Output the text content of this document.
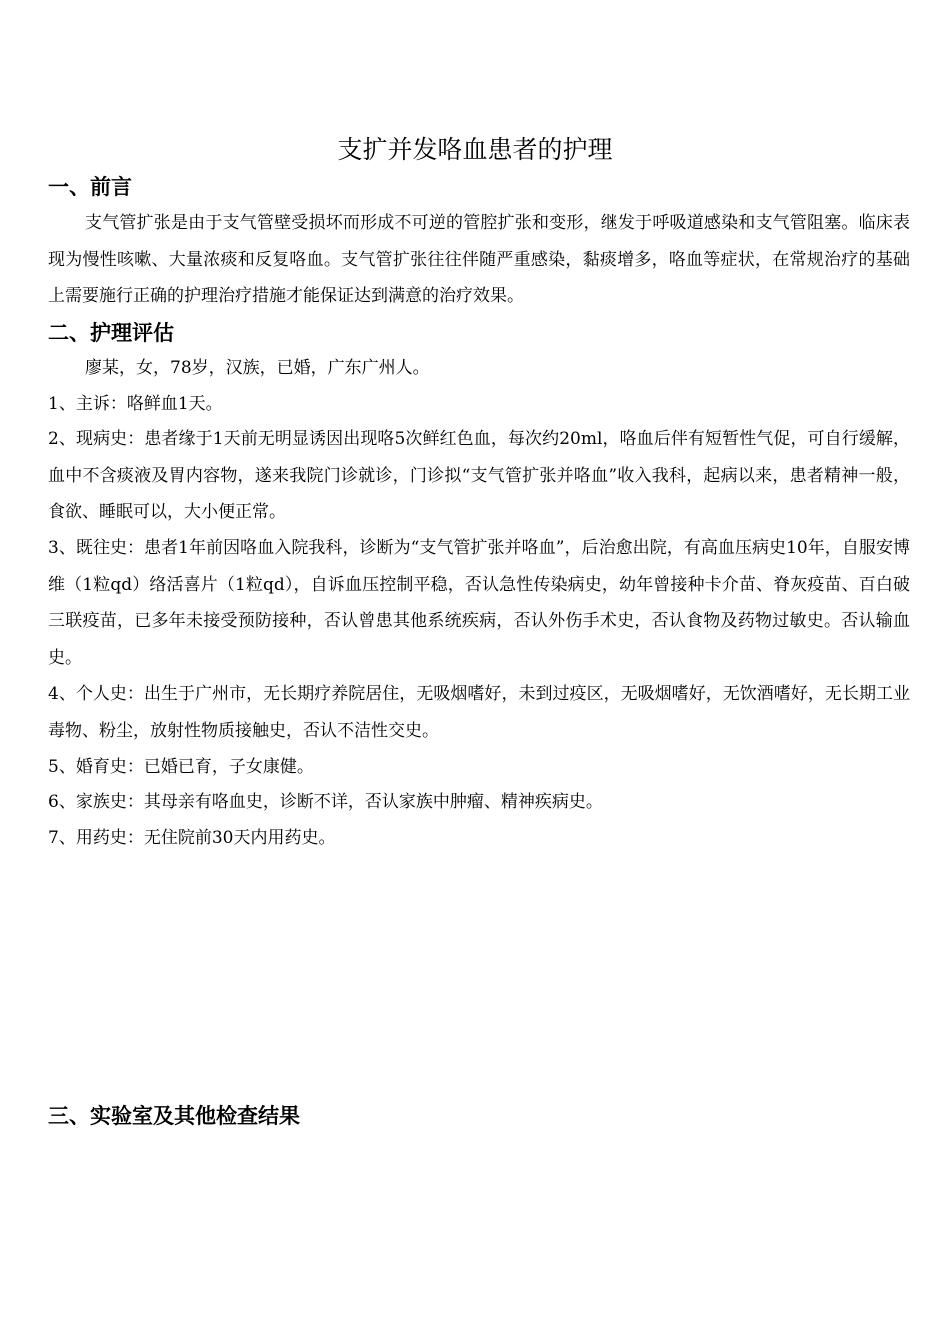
支扩并发咯血患者的护理
一、前言
支气管扩张是由于支气管壁受损坏而形成不可逆的管腔扩张和变形，继发于呼吸道感染和支气管阻塞。临床表现为慢性咳嗽、大量浓痰和反复咯血。支气管扩张往往伴随严重感染，黏痰增多，咯血等症状，在常规治疗的基础上需要施行正确的护理治疗措施才能保证达到满意的治疗效果。
二、护理评估
廖某，女，78岁，汉族，已婚，广东广州人。
1、主诉：咯鲜血1天。
2、现病史：患者缘于1天前无明显诱因出现咯5次鲜红色血，每次约20ml，咯血后伴有短暂性气促，可自行缓解，血中不含痰液及胃内容物，遂来我院门诊就诊，门诊拟“支气管扩张并咯血”收入我科，起病以来，患者精神一般，食欲、睡眠可以，大小便正常。
3、既往史：患者1年前因咯血入院我科，诊断为“支气管扩张并咯血”，后治愈出院，有高血压病史10年，自服安博维（1粒qd）络活喜片（1粒qd），自诉血压控制平稳，否认急性传染病史，幼年曾接种卡介苗、脊灰疫苗、百白破三联疫苗，已多年未接受预防接种，否认曾患其他系统疾病，否认外伤手术史，否认食物及药物过敏史。否认输血史。
4、个人史：出生于广州市，无长期疗养院居住，无吸烟嗜好，未到过疫区，无吸烟嗜好，无饮酒嗜好，无长期工业毒物、粉尘，放射性物质接触史，否认不洁性交史。
5、婚育史：已婚已育，子女康健。
6、家族史：其母亲有咯血史，诊断不详，否认家族中肿瘤、精神疾病史。
7、用药史：无住院前30天内用药史。
三、实验室及其他检查结果
